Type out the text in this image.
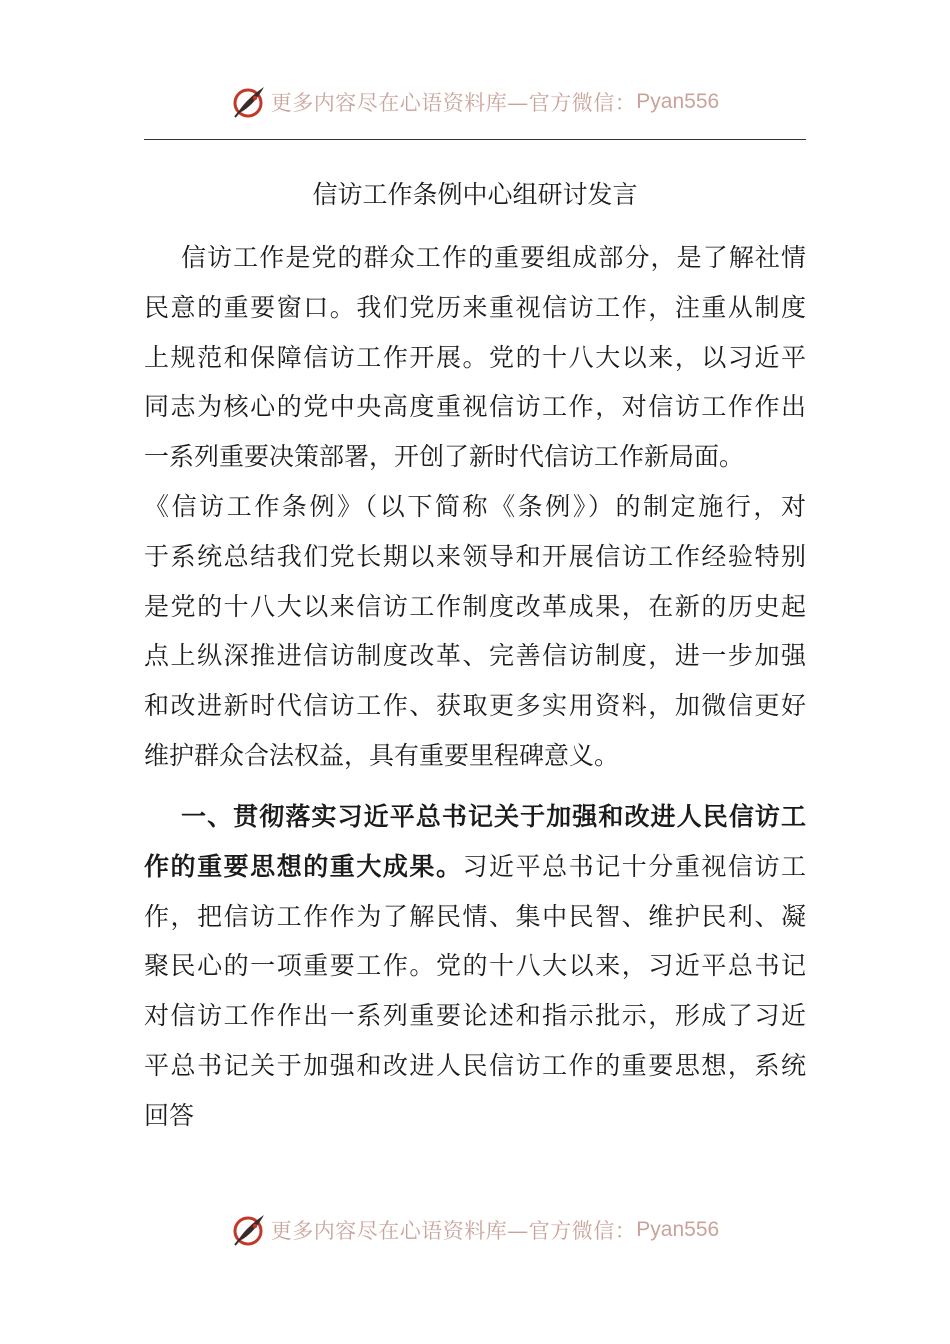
更多内容尽在心语资料库—官方微信： Pyan556
信访工作条例中心组研讨发言
信访工作是党的群众工作的重要组成部分，是了解社情
民意的重要窗口。我们党历来重视信访工作，注重从制度
上规范和保障信访工作开展。党的十八大以来，以习近平
同志为核心的党中央高度重视信访工作，对信访工作作出
一系列重要决策部署，开创了新时代信访工作新局面。
《信访工作条例》（以下简称《条例》）的制定施行，对
于系统总结我们党长期以来领导和开展信访工作经验特别
是党的十八大以来信访工作制度改革成果，在新的历史起
点上纵深推进信访制度改革、完善信访制度，进一步加强
和改进新时代信访工作、获取更多实用资料，加微信更好
维护群众合法权益，具有重要里程碑意义。
一、贯彻落实习近平总书记关于加强和改进人民信访工
作的重要思想的重大成果。习近平总书记十分重视信访工
作，把信访工作作为了解民情、集中民智、维护民利、凝
聚民心的一项重要工作。党的十八大以来，习近平总书记
对信访工作作出一系列重要论述和指示批示，形成了习近
平总书记关于加强和改进人民信访工作的重要思想，系统
回答
更多内容尽在心语资料库—官方微信： Pyan556
